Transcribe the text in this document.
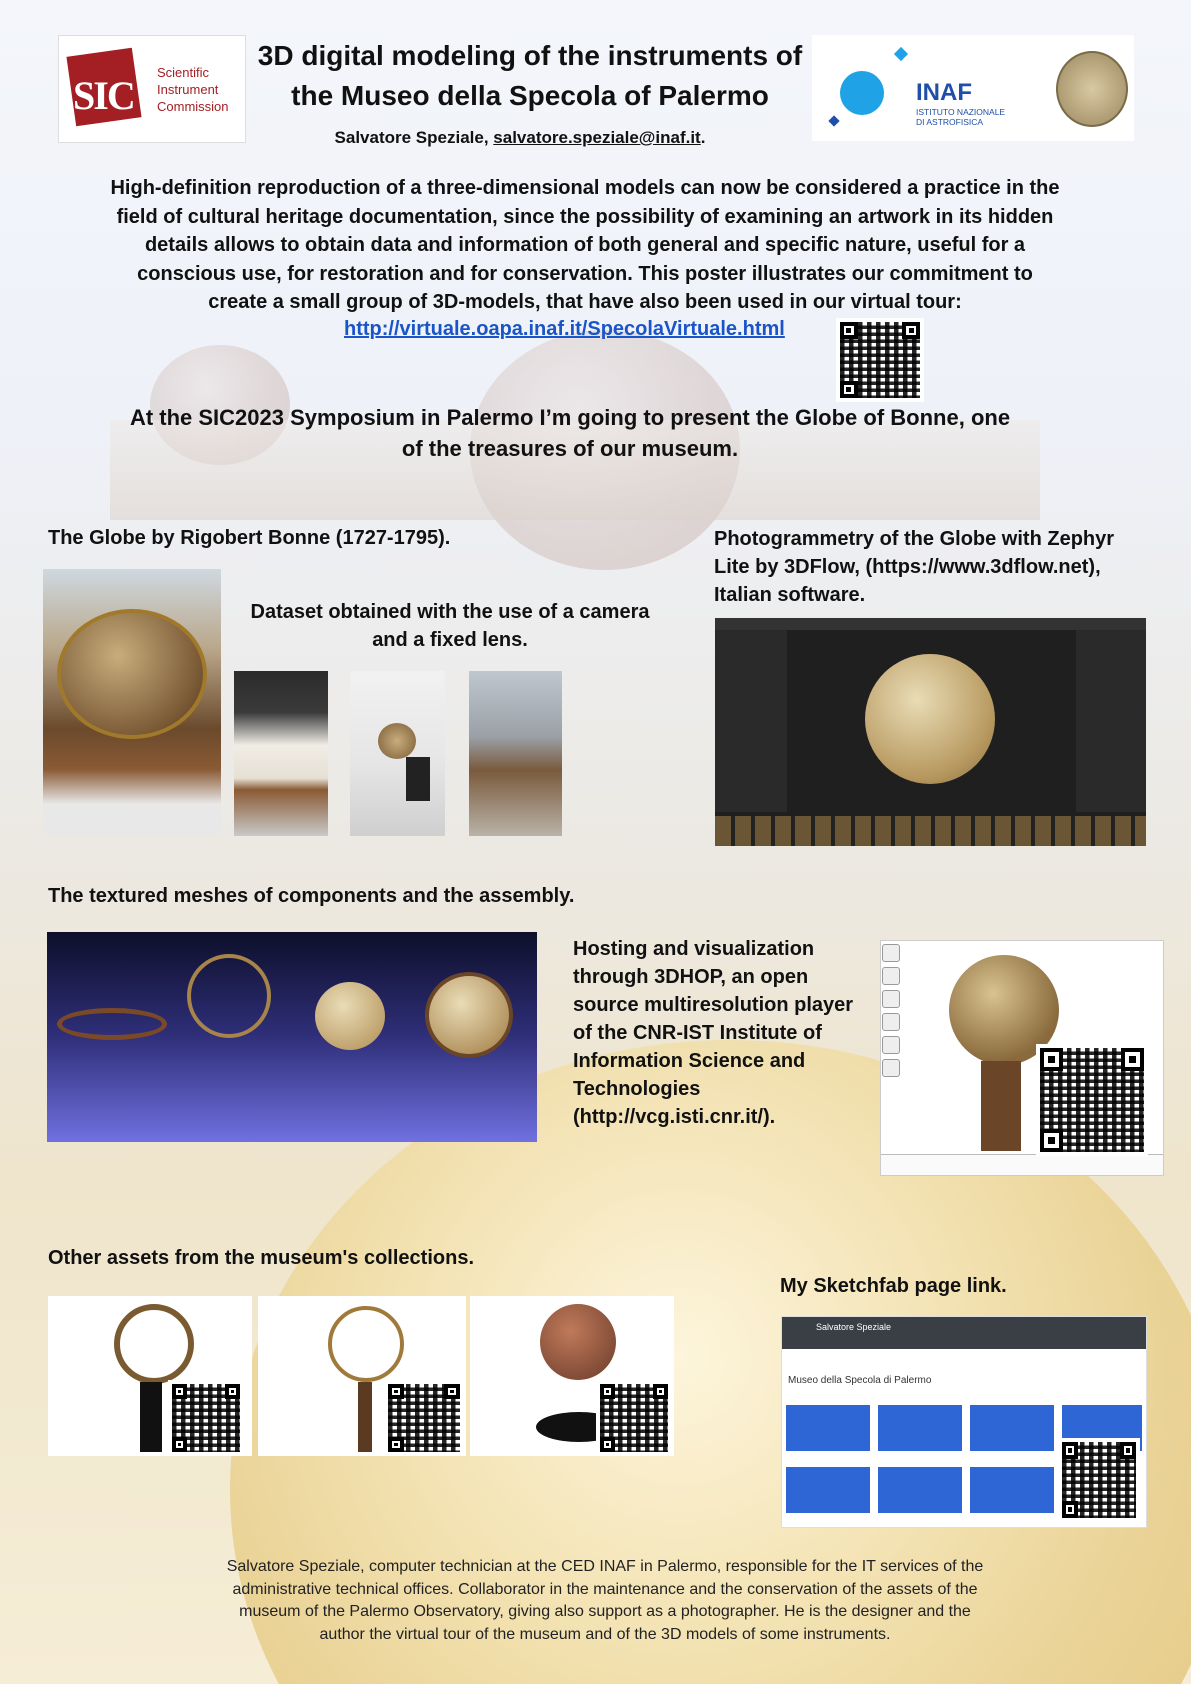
SIC
Scientific
Instrument
Commission
INAF
ISTITUTO NAZIONALE
DI ASTROFISICA
3D digital modeling of the instruments of the Museo della Specola of Palermo
Salvatore Speziale, salvatore.speziale@inaf.it.
High-definition reproduction of a three-dimensional models can now be considered a practice in the field of cultural heritage documentation, since the possibility of examining an artwork in its hidden details allows to obtain data and information of both general and specific nature, useful for a conscious use, for restoration and for conservation. This poster illustrates our commitment to create a small group of 3D-models, that have also been used in our virtual tour:
http://virtuale.oapa.inaf.it/SpecolaVirtuale.html
At the SIC2023 Symposium in Palermo I’m going to present the Globe of Bonne, one of the treasures of our museum.
The Globe by Rigobert Bonne (1727-1795).
Dataset obtained with the use of a camera and a fixed lens.
Photogrammetry of the Globe with Zephyr Lite by 3DFlow, (https://www.3dflow.net), Italian software.
The textured meshes of components and the assembly.
Hosting and visualization through 3DHOP, an open source multiresolution player of the CNR-IST Institute of Information Science and Technologies (http://vcg.isti.cnr.it/).
Other assets from the museum's collections.
My Sketchfab page link.
Salvatore Speziale
Museo della Specola di Palermo
Salvatore Speziale, computer technician at the CED INAF in Palermo, responsible for the IT services of the administrative technical offices. Collaborator in the maintenance and the conservation of the assets of the museum of the Palermo Observatory, giving also support as a photographer. He is the designer and the author the virtual tour of the museum and of the 3D models of some instruments.
